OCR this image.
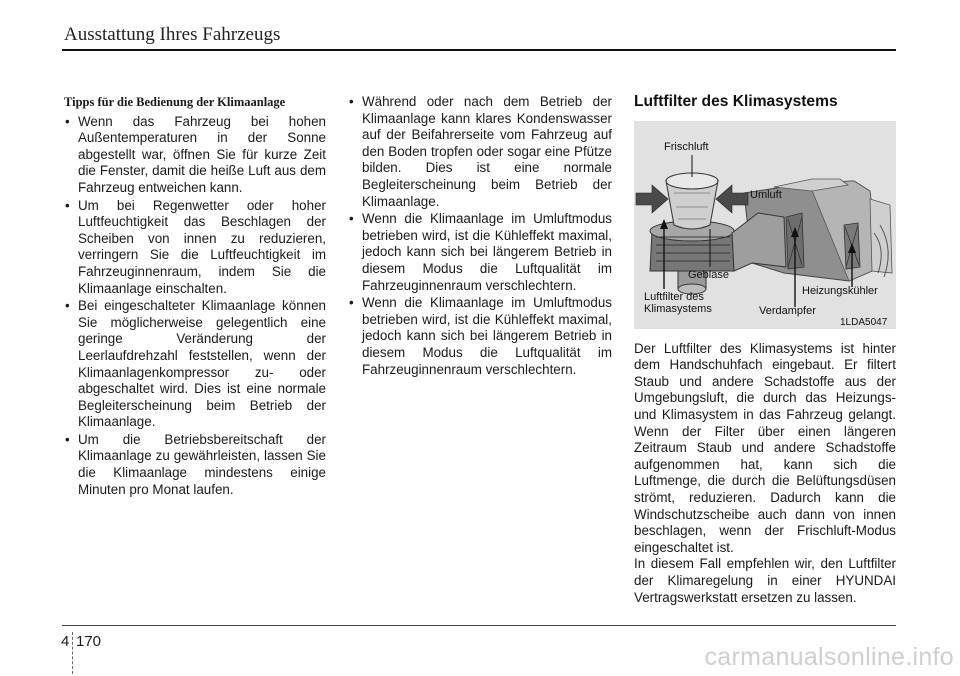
Ausstattung Ihres Fahrzeugs
Tipps für die Bedienung der Klimaanlage
• Wenn das Fahrzeug bei hohen Außentemperaturen in der Sonne abgestellt war, öffnen Sie für kurze Zeit die Fenster, damit die heiße Luft aus dem Fahrzeug entweichen kann.
• Um bei Regenwetter oder hoher Luftfeuchtigkeit das Beschlagen der Scheiben von innen zu reduzieren, verringern Sie die Luftfeuchtigkeit im Fahrzeuginnenraum, indem Sie die Klimaanlage einschalten.
• Bei eingeschalteter Klimaanlage können Sie möglicherweise gelegentlich eine geringe Veränderung der Leerlaufdrehzahl feststellen, wenn der Klimaanlagenkompressor zu- oder abgeschaltet wird. Dies ist eine normale Begleiterscheinung beim Betrieb der Klimaanlage.
• Um die Betriebsbereitschaft der Klimaanlage zu gewährleisten, lassen Sie die Klimaanlage mindestens einige Minuten pro Monat laufen.
• Während oder nach dem Betrieb der Klimaanlage kann klares Kondenswasser auf der Beifahrerseite vom Fahrzeug auf den Boden tropfen oder sogar eine Pfütze bilden. Dies ist eine normale Begleiterscheinung beim Betrieb der Klimaanlage.
• Wenn die Klimaanlage im Umluftmodus betrieben wird, ist die Kühleffekt maximal, jedoch kann sich bei längerem Betrieb in diesem Modus die Luftqualität im Fahrzeuginnenraum verschlechtern.
• Wenn die Klimaanlage im Umluftmodus betrieben wird, ist die Kühleffekt maximal, jedoch kann sich bei längerem Betrieb in diesem Modus die Luftqualität im Fahrzeuginnenraum verschlechtern.
Luftfilter des Klimasystems
Frischluft
Umluft
Gebläse
Luftfilter des
Klimasystems	Verdampfer
Heizungskühler
1LDA5047
Der Luftfilter des Klimasystems ist hinter dem Handschuhfach eingebaut. Er filtert Staub und andere Schadstoffe aus der Umgebungsluft, die durch das Heizungs- und Klimasystem in das Fahrzeug gelangt. Wenn der Filter über einen längeren Zeitraum Staub und andere Schadstoffe aufgenommen hat, kann sich die Luftmenge, die durch die Belüftungsdüsen strömt, reduzieren. Dadurch kann die Windschutzscheibe auch dann von innen beschlagen, wenn der Frischluft-Modus eingeschaltet ist.
In diesem Fall empfehlen wir, den Luftfilter der Klimaregelung in einer HYUNDAI Vertragswerkstatt ersetzen zu lassen.
4 170
carmanualsonline.info
